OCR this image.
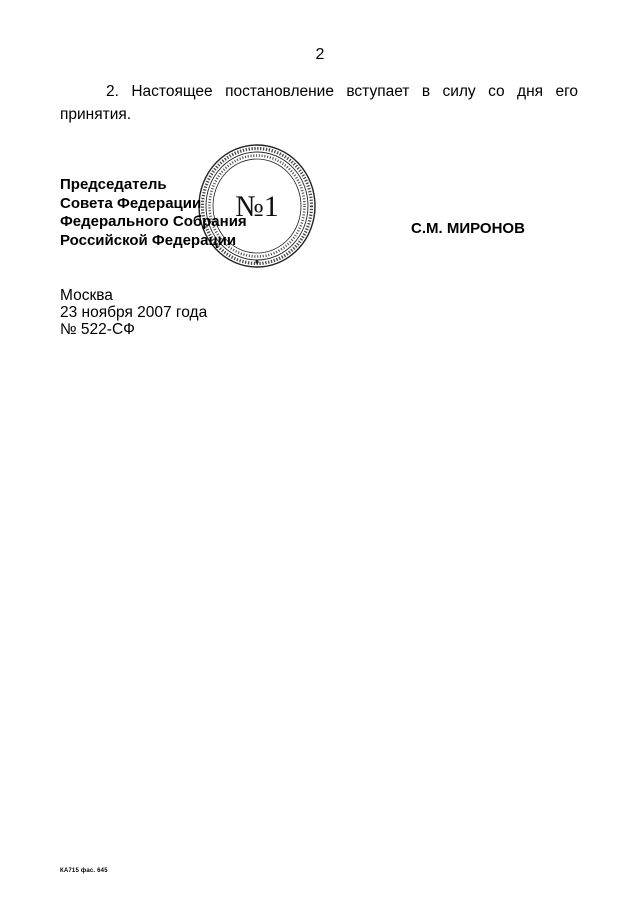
2
2. Настоящее постановление вступает в силу со дня его принятия.
№1
Председатель
Совета Федерации
Федерального Собрания
Российской Федерации
С.М. МИРОНОВ
Москва
23 ноября 2007 года
№ 522-СФ
КА715 фас. 645
